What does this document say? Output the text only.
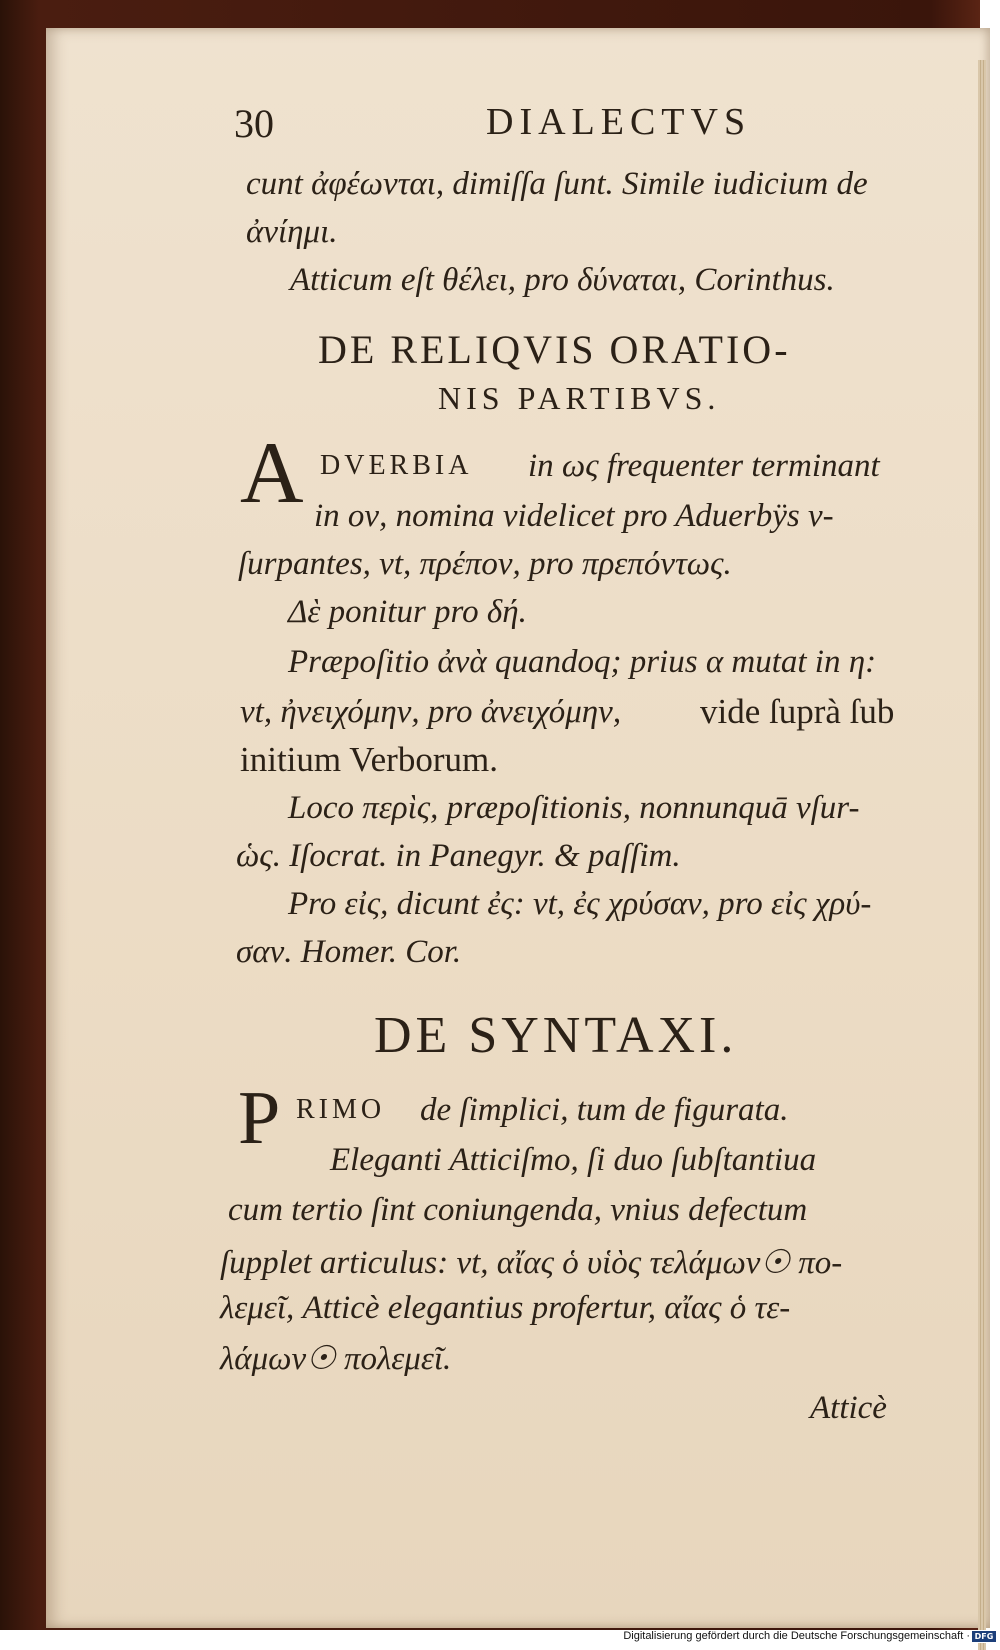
30	DIALECTVS
cunt ἀφέωνται, dimiſſa ſunt. Simile iudicium de
ἀνίημι.
Atticum eſt θέλει, pro δύναται, Corinthus.
DE RELIQVIS ORATIO-
NIS PARTIBVS.
A DVERBIA in ως frequenter terminant
in ον, nomina videlicet pro Aduerbÿs v-
ſurpantes, vt, πρέπον, pro πρεπόντως.
Δὲ ponitur pro δή.
Præpoſitio ἀνὰ quandoq; prius α mutat in η:
vt, ἠνειχόμην, pro ἀνειχόμην, vide ſuprà ſub
initium Verborum.
Loco περὶς, præpoſitionis, nonnunquā vſur-
ὡς. Iſocrat. in Panegyr. & paſſim.
Pro εἰς, dicunt ἐς: vt, ἐς χρύσαν, pro εἰς χρύ-
σαν. Homer. Cor.
DE SYNTAXI.
P RIMO de ſimplici, tum de figurata.
Eleganti Atticiſmo, ſi duo ſubſtantiua
cum tertio ſint coniungenda, vnius defectum
ſupplet articulus: vt, αἴας ὁ υἱὸς τελάμων☉ πο-
λεμεῖ, Atticè elegantius profertur, αἴας ὁ τε-
λάμων☉ πολεμεῖ.
Atticè
Digitalisierung gefördert durch die Deutsche Forschungsgemeinschaft · DFG
